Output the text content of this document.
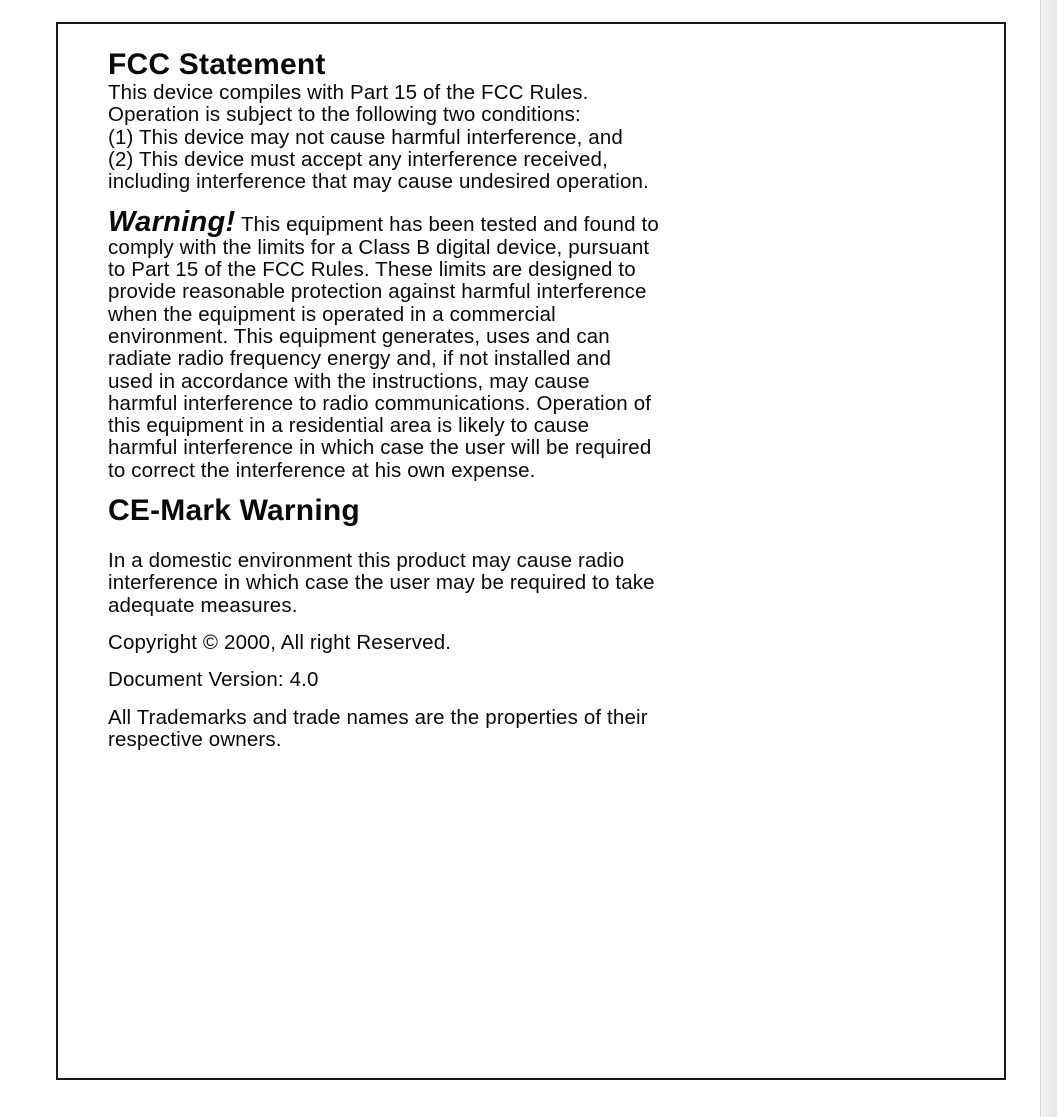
FCC Statement

This device compiles with Part 15 of the FCC Rules.
Operation is subject to the following two conditions:
(1) This device may not cause harmful interference, and
(2) This device must accept any interference received,
including interference that may cause undesired operation.

Warning! This equipment has been tested and found to
comply with the limits for a Class B digital device, pursuant
to Part 15 of the FCC Rules. These limits are designed to
provide reasonable protection against harmful interference
when the equipment is operated in a commercial
environment. This equipment generates, uses and can
radiate radio frequency energy and, if not installed and
used in accordance with the instructions, may cause
harmful interference to radio communications. Operation of
this equipment in a residential area is likely to cause
harmful interference in which case the user will be required
to correct the interference at his own expense.

CE-Mark Warning

In a domestic environment this product may cause radio
interference in which case the user may be required to take
adequate measures.

Copyright © 2000, All right Reserved.

Document Version: 4.0

All Trademarks and trade names are the properties of their
respective owners.
